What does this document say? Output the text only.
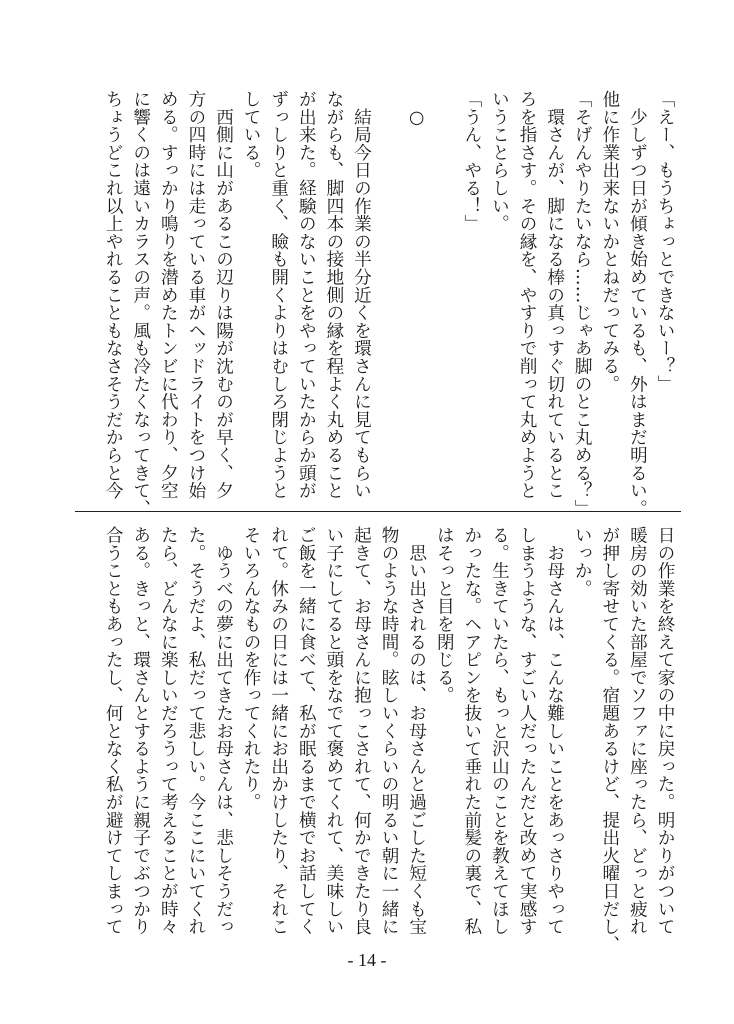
「えー、もうちょっとできないー？」
　少しずつ日が傾き始めているも、外はまだ明るい。
他に作業出来ないかとねだってみる。
「そげんやりたいなら……じゃあ脚のとこ丸める？」
　環さんが、脚になる棒の真っすぐ切れているとこ
ろを指さす。その縁を、やすりで削って丸めようと
いうことらしい。
「うん、やる！」

　○

　結局今日の作業の半分近くを環さんに見てもらい
ながらも、脚四本の接地側の縁を程よく丸めること
が出来た。経験のないことをやっていたからか頭が
ずっしりと重く、瞼も開くよりはむしろ閉じようと
している。
　西側に山があるこの辺りは陽が沈むのが早く、夕
方の四時には走っている車がヘッドライトをつけ始
める。すっかり鳴りを潜めたトンビに代わり、夕空
に響くのは遠いカラスの声。風も冷たくなってきて、
ちょうどこれ以上やれることもなさそうだからと今
日の作業を終えて家の中に戻った。明かりがついて
暖房の効いた部屋でソファに座ったら、どっと疲れ
が押し寄せてくる。宿題あるけど、提出火曜日だし、
いっか。
　お母さんは、こんな難しいことをあっさりやって
しまうような、すごい人だったんだと改めて実感す
る。生きていたら、もっと沢山のことを教えてほし
かったな。ヘアピンを抜いて垂れた前髪の裏で、私
はそっと目を閉じる。
　思い出されるのは、お母さんと過ごした短くも宝
物のような時間。眩しいくらいの明るい朝に一緒に
起きて、お母さんに抱っこされて、何かできたり良
い子にしてると頭をなでて褒めてくれて、美味しい
ご飯を一緒に食べて、私が眠るまで横でお話してく
れて。休みの日には一緒にお出かけしたり、それこ
そいろんなものを作ってくれたり。
　ゆうべの夢に出てきたお母さんは、悲しそうだっ
た。そうだよ、私だって悲しい。今ここにいてくれ
たら、どんなに楽しいだろうって考えることが時々
ある。きっと、環さんとするように親子でぶつかり
合うこともあったし、何となく私が避けてしまって
- 14 -
